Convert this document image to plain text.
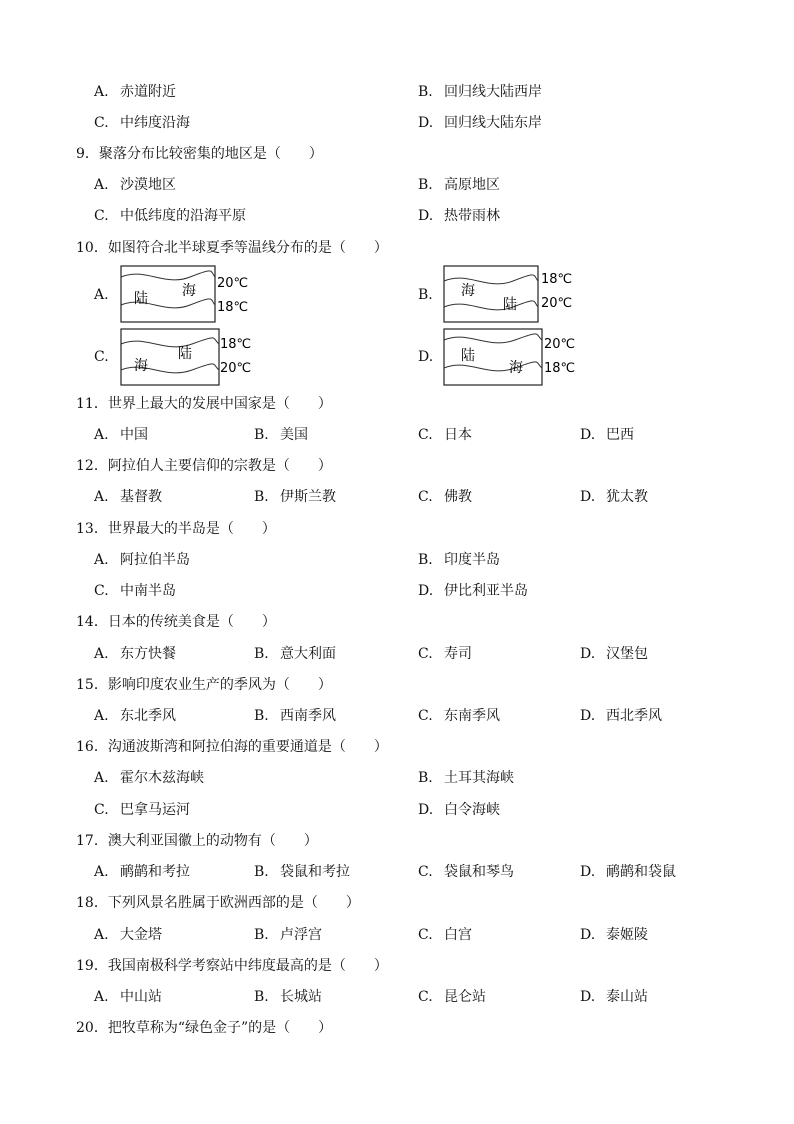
A. 赤道附近	B. 回归线大陆西岸
C. 中纬度沿海	D. 回归线大陆东岸
9．聚落分布比较密集的地区是（　　）
A. 沙漠地区	B. 高原地区
C. 中低纬度的沿海平原	D. 热带雨林
10．如图符合北半球夏季等温线分布的是（　　）
A. 陆 海 20℃
18℃
B. 海
陆
18℃
20℃
C.
海
陆
18℃
20℃
D. 陆
海
20℃
18℃
11．世界上最大的发展中国家是（　　）
A. 中国	B. 美国	C. 日本	D. 巴西
12．阿拉伯人主要信仰的宗教是（　　）
A. 基督教	B. 伊斯兰教	C. 佛教	D. 犹太教
13．世界最大的半岛是（　　）
A. 阿拉伯半岛	B. 印度半岛
C. 中南半岛	D. 伊比利亚半岛
14．日本的传统美食是（　　）
A. 东方快餐	B. 意大利面	C. 寿司	D. 汉堡包
15．影响印度农业生产的季风为（　　）
A. 东北季风	B. 西南季风	C. 东南季风	D. 西北季风
16．沟通波斯湾和阿拉伯海的重要通道是（　　）
A. 霍尔木兹海峡	B. 土耳其海峡
C. 巴拿马运河	D. 白令海峡
17．澳大利亚国徽上的动物有（　　）
A. 鸸鹋和考拉	B. 袋鼠和考拉	C. 袋鼠和琴鸟	D. 鸸鹋和袋鼠
18．下列风景名胜属于欧洲西部的是（　　）
A. 大金塔	B. 卢浮宫	C. 白宫	D. 泰姬陵
19．我国南极科学考察站中纬度最高的是（　　）
A. 中山站	B. 长城站	C. 昆仑站	D. 泰山站
20．把牧草称为“绿色金子”的是（　　）
